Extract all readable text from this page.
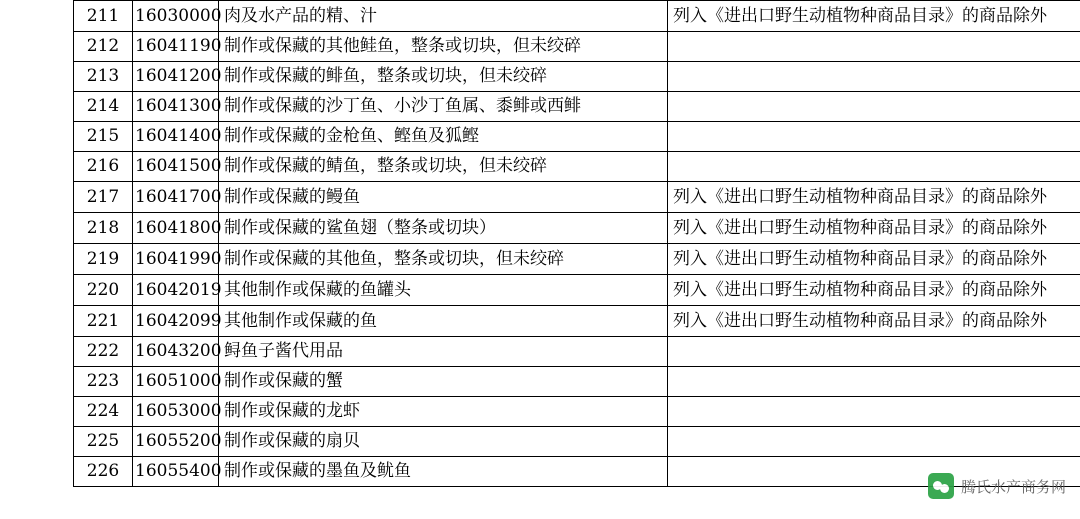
211	16030000	肉及水产品的精、汁	列入《进出口野生动植物种商品目录》的商品除外

212	16041190	制作或保藏的其他鲑鱼，整条或切块，但未绞碎	

213	16041200	制作或保藏的鲱鱼，整条或切块，但未绞碎	

214	16041300	制作或保藏的沙丁鱼、小沙丁鱼属、黍鲱或西鲱	

215	16041400	制作或保藏的金枪鱼、鲣鱼及狐鲣	

216	16041500	制作或保藏的鲭鱼，整条或切块，但未绞碎	

217	16041700	制作或保藏的鳗鱼	列入《进出口野生动植物种商品目录》的商品除外

218	16041800	制作或保藏的鲨鱼翅（整条或切块）	列入《进出口野生动植物种商品目录》的商品除外

219	16041990	制作或保藏的其他鱼，整条或切块，但未绞碎	列入《进出口野生动植物种商品目录》的商品除外

220	16042019	其他制作或保藏的鱼罐头	列入《进出口野生动植物种商品目录》的商品除外

221	16042099	其他制作或保藏的鱼	列入《进出口野生动植物种商品目录》的商品除外

222	16043200	鲟鱼子酱代用品	

223	16051000	制作或保藏的蟹	

224	16053000	制作或保藏的龙虾	

225	16055200	制作或保藏的扇贝	

226	16055400	制作或保藏的墨鱼及鱿鱼	

腾氏水产商务网
